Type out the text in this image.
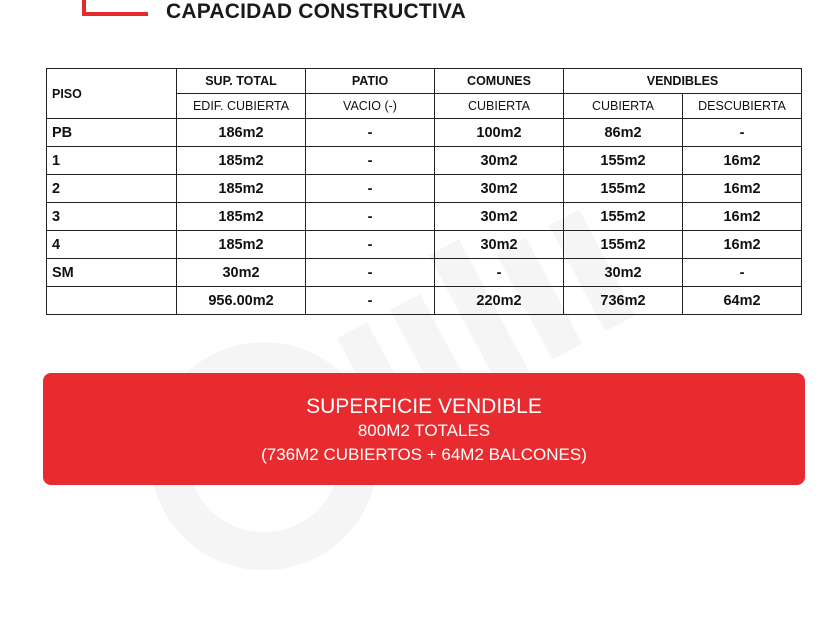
CAPACIDAD CONSTRUCTIVA
PISO	SUP. TOTAL	PATIO	COMUNES	VENDIBLES	
	EDIF. CUBIERTA	VACIO (-)	CUBIERTA	CUBIERTA	DESCUBIERTA
PB	186m2	-	100m2	86m2	-
1	185m2	-	30m2	155m2	16m2
2	185m2	-	30m2	155m2	16m2
3	185m2	-	30m2	155m2	16m2
4	185m2	-	30m2	155m2	16m2
SM	30m2	-	-	30m2	-
	956.00m2	-	220m2	736m2	64m2
SUPERFICIE VENDIBLE
800M2 TOTALES
(736M2 CUBIERTOS + 64M2 BALCONES)
